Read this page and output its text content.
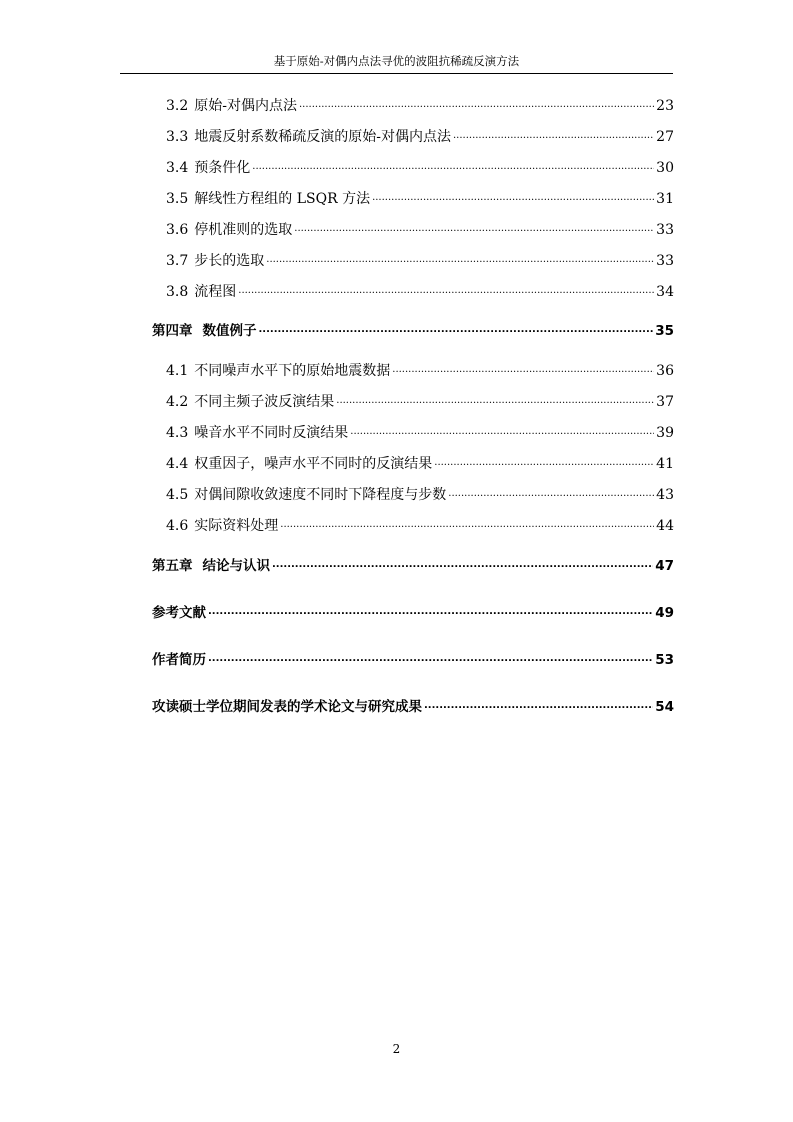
基于原始-对偶内点法寻优的波阻抗稀疏反演方法
3.2 原始-对偶内点法 .....	23
3.3 地震反射系数稀疏反演的原始-对偶内点法 .....	27
3.4 预条件化 .....	30
3.5 解线性方程组的 LSQR 方法 .....	31
3.6 停机准则的选取 .....	33
3.7 步长的选取 .....	33
3.8 流程图 .....	34
第四章 数值例子 .....	35
4.1 不同噪声水平下的原始地震数据 .....	36
4.2 不同主频子波反演结果 .....	37
4.3 噪音水平不同时反演结果 .....	39
4.4 权重因子，噪声水平不同时的反演结果 .....	41
4.5 对偶间隙收敛速度不同时下降程度与步数 .....	43
4.6 实际资料处理 .....	44
第五章 结论与认识 .....	47
参考文献 .....	49
作者简历 .....	53
攻读硕士学位期间发表的学术论文与研究成果 .....	54
2
